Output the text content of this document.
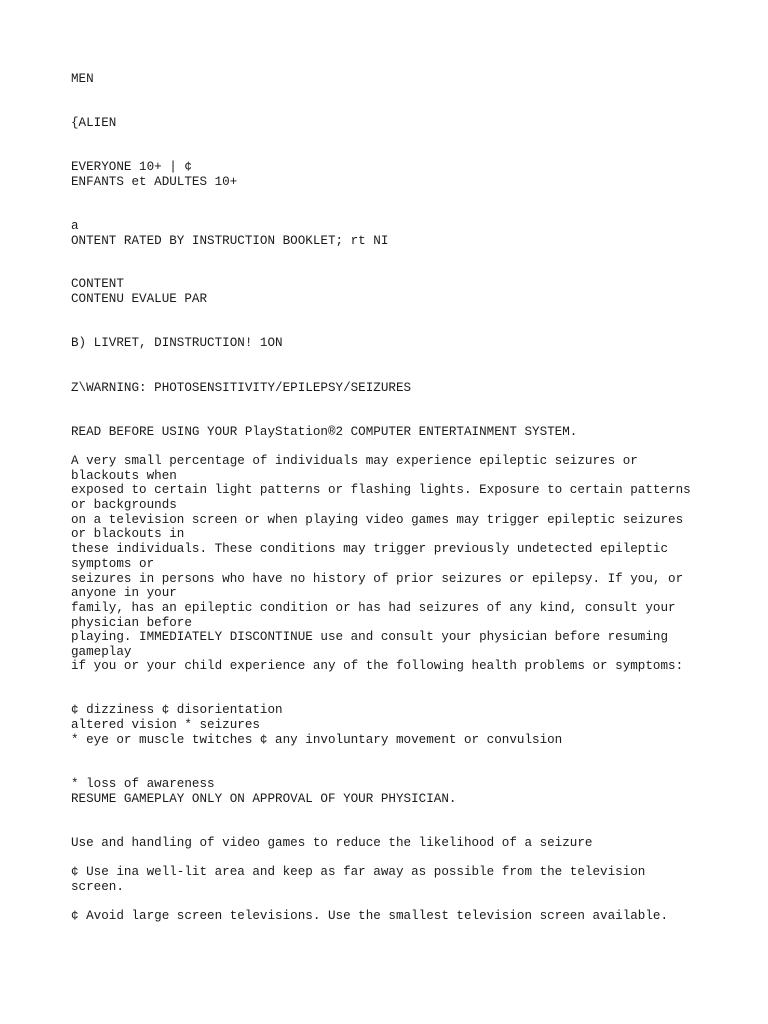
MEN

{ALIEN

EVERYONE 10+ | ¢

ENFANTS et ADULTES 10+

a

ONTENT RATED BY INSTRUCTION BOOKLET; rt NI

CONTENT

CONTENU EVALUE PAR

B) LIVRET, DINSTRUCTION! 1ON

Z\WARNING: PHOTOSENSITIVITY/EPILEPSY/SEIZURES

READ BEFORE USING YOUR PlayStation®2 COMPUTER ENTERTAINMENT SYSTEM.

A very small percentage of individuals may experience epileptic seizures or

blackouts when

exposed to certain light patterns or flashing lights. Exposure to certain patterns

or backgrounds

on a television screen or when playing video games may trigger epileptic seizures

or blackouts in

these individuals. These conditions may trigger previously undetected epileptic

symptoms or

seizures in persons who have no history of prior seizures or epilepsy. If you, or

anyone in your

family, has an epileptic condition or has had seizures of any kind, consult your

physician before

playing. IMMEDIATELY DISCONTINUE use and consult your physician before resuming

gameplay

if you or your child experience any of the following health problems or symptoms:

¢ dizziness ¢ disorientation

altered vision * seizures

* eye or muscle twitches ¢ any involuntary movement or convulsion

* loss of awareness

RESUME GAMEPLAY ONLY ON APPROVAL OF YOUR PHYSICIAN.

Use and handling of video games to reduce the likelihood of a seizure

¢ Use ina well-lit area and keep as far away as possible from the television

screen.

¢ Avoid large screen televisions. Use the smallest television screen available.
